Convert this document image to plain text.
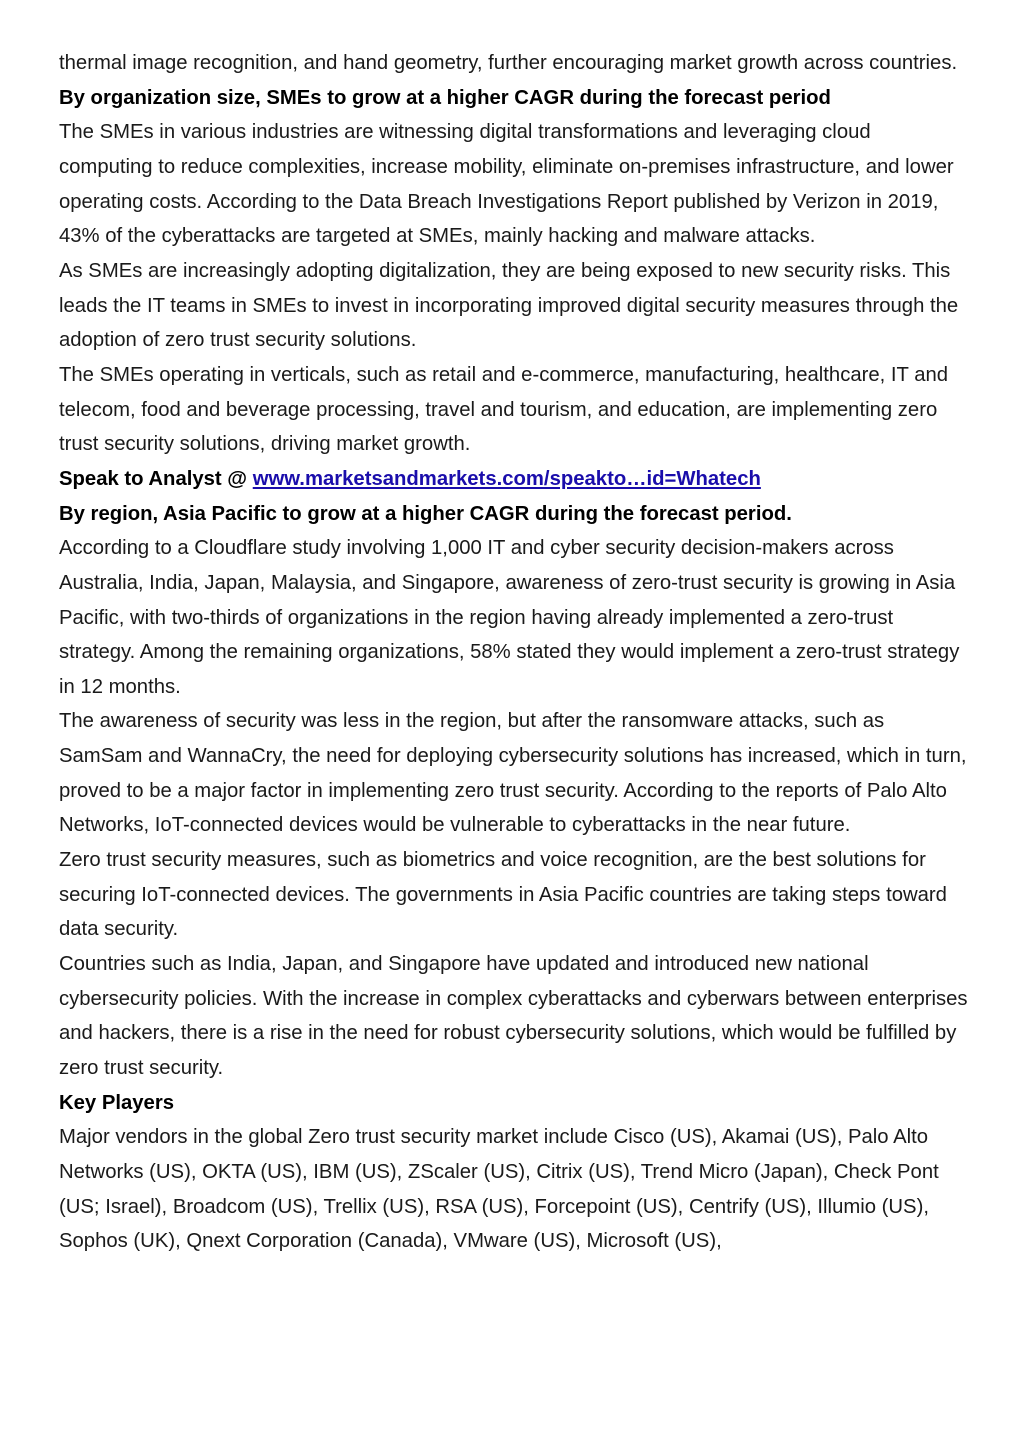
thermal image recognition, and hand geometry, further encouraging market growth across countries.

By organization size, SMEs to grow at a higher CAGR during the forecast period

The SMEs in various industries are witnessing digital transformations and leveraging cloud computing to reduce complexities, increase mobility, eliminate on-premises infrastructure, and lower operating costs. According to the Data Breach Investigations Report published by Verizon in 2019, 43% of the cyberattacks are targeted at SMEs, mainly hacking and malware attacks.

As SMEs are increasingly adopting digitalization, they are being exposed to new security risks. This leads the IT teams in SMEs to invest in incorporating improved digital security measures through the adoption of zero trust security solutions.

The SMEs operating in verticals, such as retail and e-commerce, manufacturing, healthcare, IT and telecom, food and beverage processing, travel and tourism, and education, are implementing zero trust security solutions, driving market growth.

Speak to Analyst @ www.marketsandmarkets.com/speakto…id=Whatech

By region, Asia Pacific to grow at a higher CAGR during the forecast period.

According to a Cloudflare study involving 1,000 IT and cyber security decision-makers across Australia, India, Japan, Malaysia, and Singapore, awareness of zero-trust security is growing in Asia Pacific, with two-thirds of organizations in the region having already implemented a zero-trust strategy. Among the remaining organizations, 58% stated they would implement a zero-trust strategy in 12 months.

The awareness of security was less in the region, but after the ransomware attacks, such as SamSam and WannaCry, the need for deploying cybersecurity solutions has increased, which in turn, proved to be a major factor in implementing zero trust security. According to the reports of Palo Alto Networks, IoT-connected devices would be vulnerable to cyberattacks in the near future.

Zero trust security measures, such as biometrics and voice recognition, are the best solutions for securing IoT-connected devices. The governments in Asia Pacific countries are taking steps toward data security.

Countries such as India, Japan, and Singapore have updated and introduced new national cybersecurity policies. With the increase in complex cyberattacks and cyberwars between enterprises and hackers, there is a rise in the need for robust cybersecurity solutions, which would be fulfilled by zero trust security.

Key Players

Major vendors in the global Zero trust security market include Cisco (US), Akamai (US), Palo Alto Networks (US), OKTA (US), IBM (US), ZScaler (US), Citrix (US), Trend Micro (Japan), Check Pont (US; Israel), Broadcom (US), Trellix (US), RSA (US), Forcepoint (US), Centrify (US), Illumio (US), Sophos (UK), Qnext Corporation (Canada), VMware (US), Microsoft (US),
